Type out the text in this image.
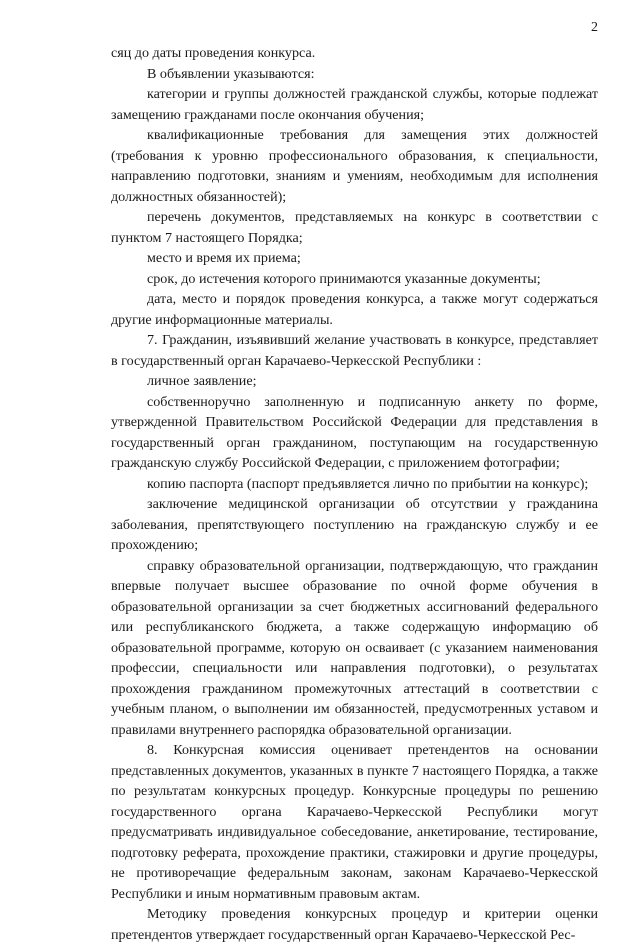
2

сяц до даты проведения конкурса.

В объявлении указываются:

категории и группы должностей гражданской службы, которые подлежат замещению гражданами после окончания обучения;

квалификационные требования для замещения этих должностей (требования к уровню профессионального образования, к специальности, направлению подготовки, знаниям и умениям, необходимым для исполнения должностных обязанностей);

перечень документов, представляемых на конкурс в соответствии с пунктом 7 настоящего Порядка;

место и время их приема;

срок, до истечения которого принимаются указанные документы;

дата, место и порядок проведения конкурса, а также могут содержаться другие информационные материалы.

7. Гражданин, изъявивший желание участвовать в конкурсе, представляет в государственный орган Карачаево-Черкесской Республики :

личное заявление;

собственноручно заполненную и подписанную анкету по форме, утвержденной Правительством Российской Федерации для представления в государственный орган гражданином, поступающим на государственную гражданскую службу Российской Федерации, с приложением фотографии;

копию паспорта (паспорт предъявляется лично по прибытии на конкурс);

заключение медицинской организации об отсутствии у гражданина заболевания, препятствующего поступлению на гражданскую службу и ее прохождению;

справку образовательной организации, подтверждающую, что гражданин впервые получает высшее образование по очной форме обучения в образовательной организации за счет бюджетных ассигнований федерального или республиканского бюджета, а также содержащую информацию об образовательной программе, которую он осваивает (с указанием наименования профессии, специальности или направления подготовки), о результатах прохождения гражданином промежуточных аттестаций в соответствии с учебным планом, о выполнении им обязанностей, предусмотренных уставом и правилами внутреннего распорядка образовательной организации.

8. Конкурсная комиссия оценивает претендентов на основании представленных документов, указанных в пункте 7 настоящего Порядка, а также по результатам конкурсных процедур. Конкурсные процедуры по решению государственного органа Карачаево-Черкесской Республики могут предусматривать индивидуальное собеседование, анкетирование, тестирование, подготовку реферата, прохождение практики, стажировки и другие процедуры, не противоречащие федеральным законам, законам Карачаево-Черкесской Республики и иным нормативным правовым актам.

Методику проведения конкурсных процедур и критерии оценки претендентов утверждает государственный орган Карачаево-Черкесской Рес-
